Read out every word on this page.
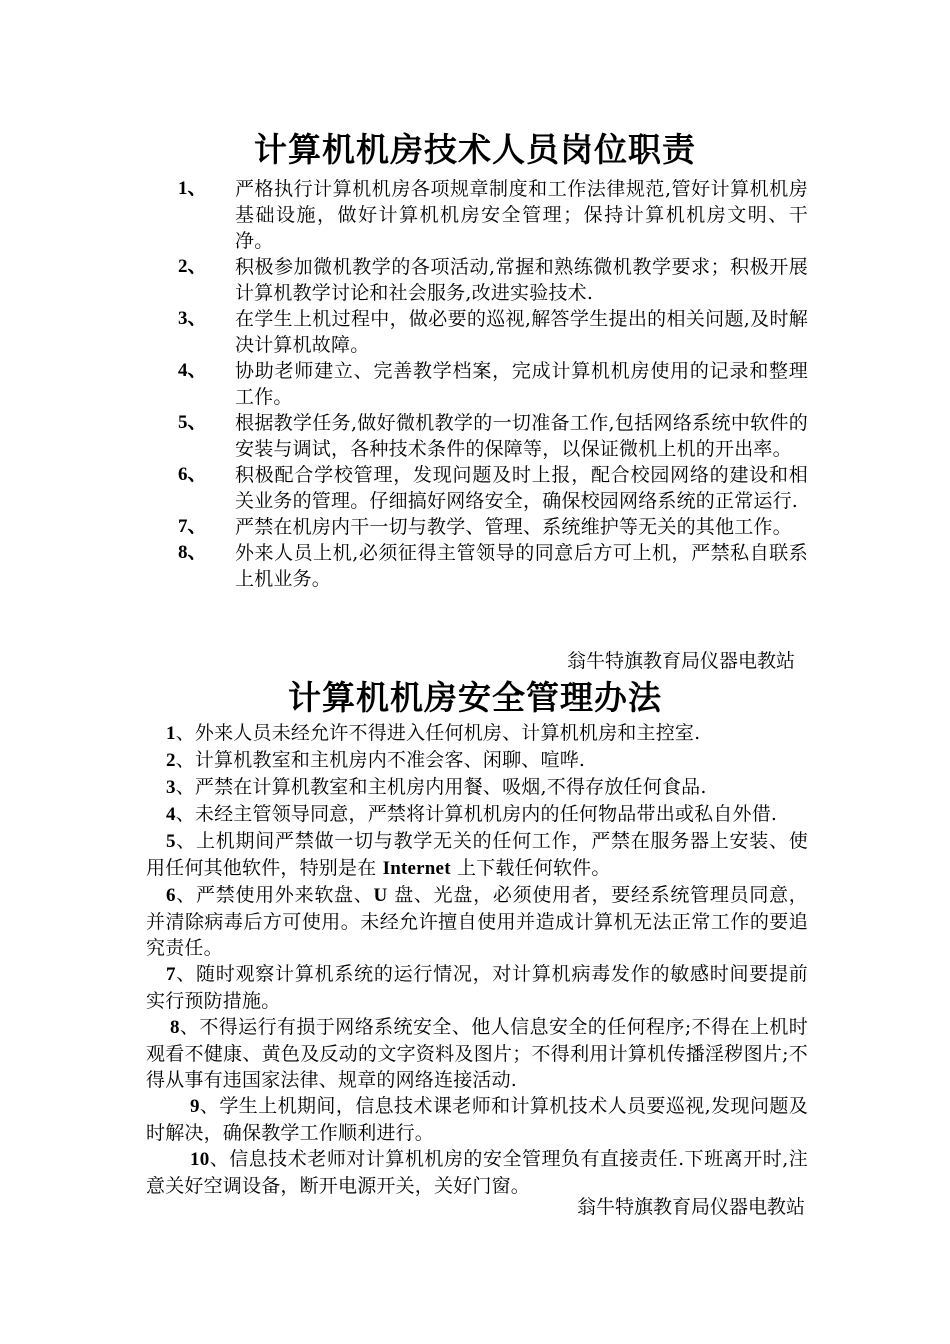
计算机机房技术人员岗位职责
1、	严格执行计算机机房各项规章制度和工作法律规范,管好计算机机房基础设施，做好计算机机房安全管理；保持计算机机房文明、干净。
2、	积极参加微机教学的各项活动,常握和熟练微机教学要求；积极开展计算机教学讨论和社会服务,改进实验技术.
3、	在学生上机过程中，做必要的巡视,解答学生提出的相关问题,及时解决计算机故障。
4、	协助老师建立、完善教学档案，完成计算机机房使用的记录和整理工作。
5、	根据教学任务,做好微机教学的一切准备工作,包括网络系统中软件的安装与调试，各种技术条件的保障等，以保证微机上机的开出率。
6、	积极配合学校管理，发现问题及时上报，配合校园网络的建设和相关业务的管理。仔细搞好网络安全，确保校园网络系统的正常运行.
7、	严禁在机房内干一切与教学、管理、系统维护等无关的其他工作。
8、	外来人员上机,必须征得主管领导的同意后方可上机，严禁私自联系上机业务。
翁牛特旗教育局仪器电教站
计算机机房安全管理办法
1、外来人员未经允许不得进入任何机房、计算机机房和主控室.
2、计算机教室和主机房内不准会客、闲聊、喧哗.
3、严禁在计算机教室和主机房内用餐、吸烟,不得存放任何食品.
4、未经主管领导同意，严禁将计算机机房内的任何物品带出或私自外借.
5、上机期间严禁做一切与教学无关的任何工作，严禁在服务器上安装、使用任何其他软件，特别是在 Internet 上下载任何软件。
6、严禁使用外来软盘、U 盘、光盘，必须使用者，要经系统管理员同意，并清除病毒后方可使用。未经允许擅自使用并造成计算机无法正常工作的要追究责任。
7、随时观察计算机系统的运行情况，对计算机病毒发作的敏感时间要提前实行预防措施。
8、不得运行有损于网络系统安全、他人信息安全的任何程序;不得在上机时观看不健康、黄色及反动的文字资料及图片；不得利用计算机传播淫秽图片;不得从事有违国家法律、规章的网络连接活动.
9、学生上机期间，信息技术课老师和计算机技术人员要巡视,发现问题及时解决，确保教学工作顺利进行。
10、信息技术老师对计算机机房的安全管理负有直接责任.下班离开时,注意关好空调设备，断开电源开关，关好门窗。
翁牛特旗教育局仪器电教站
